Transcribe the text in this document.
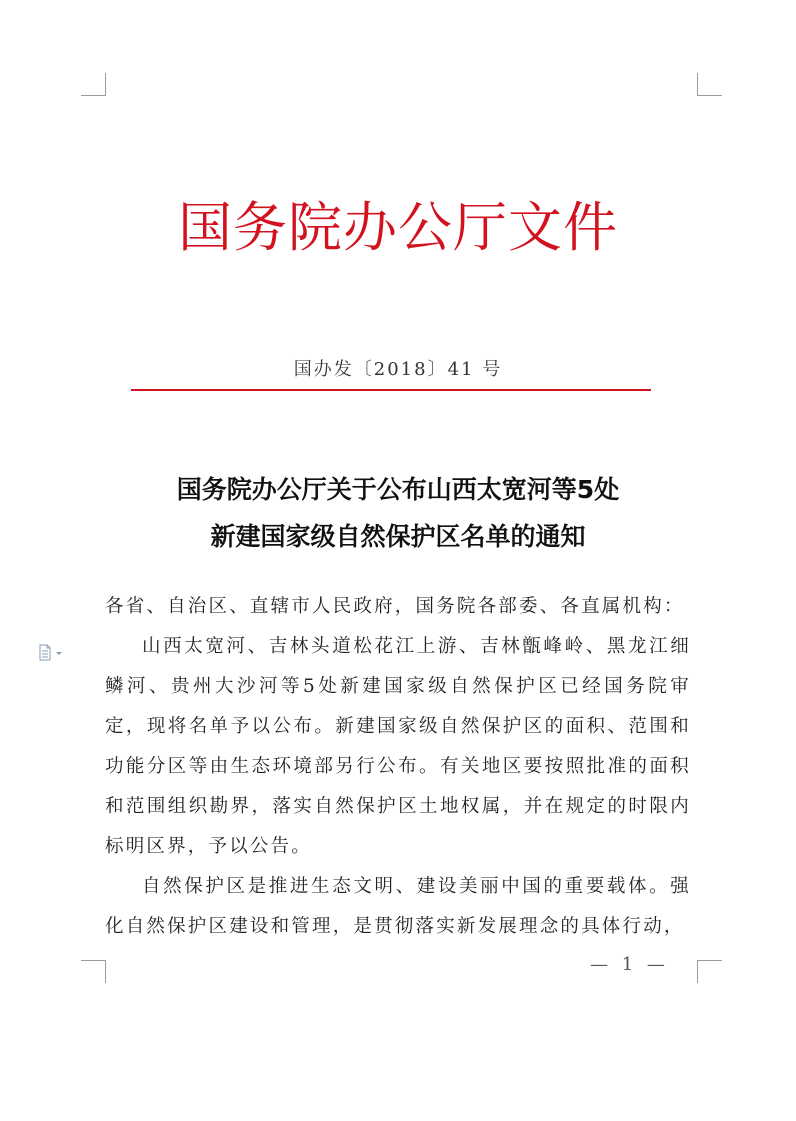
国务院办公厅文件
国办发〔2018〕41 号
国务院办公厅关于公布山西太宽河等5处
新建国家级自然保护区名单的通知

各省、自治区、直辖市人民政府，国务院各部委、各直属机构：

山西太宽河、吉林头道松花江上游、吉林甑峰岭、黑龙江细鳞河、贵州大沙河等5处新建国家级自然保护区已经国务院审定，现将名单予以公布。新建国家级自然保护区的面积、范围和功能分区等由生态环境部另行公布。有关地区要按照批准的面积和范围组织勘界，落实自然保护区土地权属，并在规定的时限内标明区界，予以公告。

自然保护区是推进生态文明、建设美丽中国的重要载体。强化自然保护区建设和管理，是贯彻落实新发展理念的具体行动，

— 1 —
